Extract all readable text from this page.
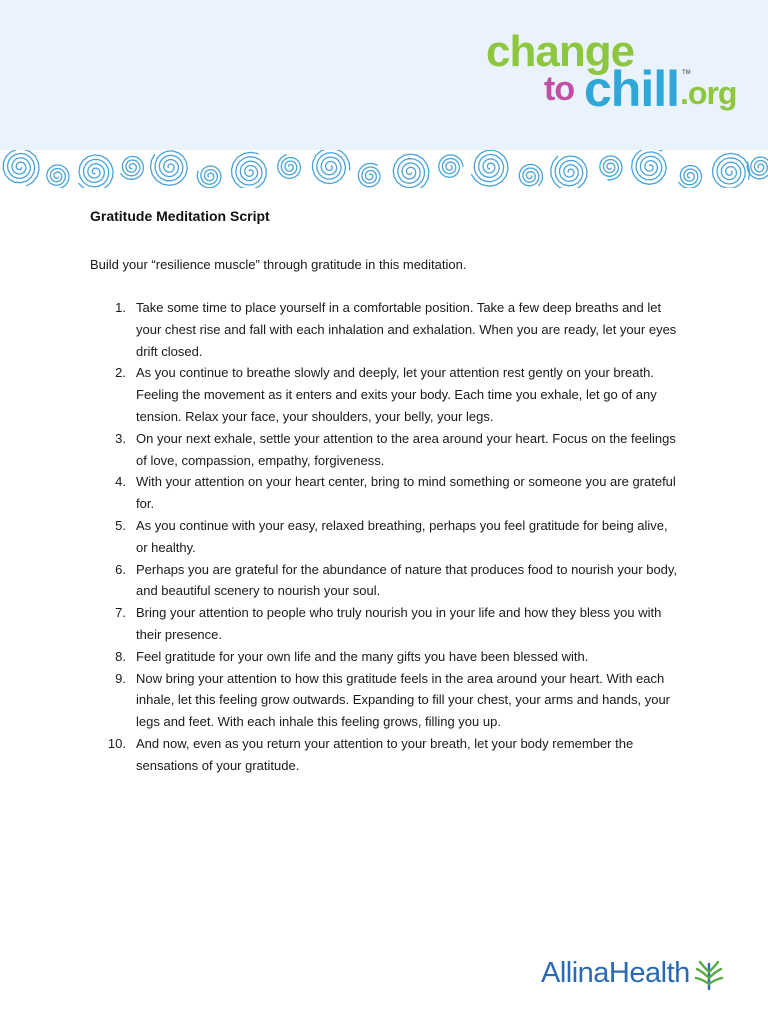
change
to chill TM
.org
Gratitude Meditation Script

Build your “resilience muscle” through gratitude in this meditation.

1. Take some time to place yourself in a comfortable position. Take a few deep breaths and let your chest rise and fall with each inhalation and exhalation. When you are ready, let your eyes drift closed.
2. As you continue to breathe slowly and deeply, let your attention rest gently on your breath. Feeling the movement as it enters and exits your body. Each time you exhale, let go of any tension. Relax your face, your shoulders, your belly, your legs.
3. On your next exhale, settle your attention to the area around your heart. Focus on the feelings of love, compassion, empathy, forgiveness.
4. With your attention on your heart center, bring to mind something or someone you are grateful for.
5. As you continue with your easy, relaxed breathing, perhaps you feel gratitude for being alive, or healthy.
6. Perhaps you are grateful for the abundance of nature that produces food to nourish your body, and beautiful scenery to nourish your soul.
7. Bring your attention to people who truly nourish you in your life and how they bless you with their presence.
8. Feel gratitude for your own life and the many gifts you have been blessed with.
9. Now bring your attention to how this gratitude feels in the area around your heart. With each inhale, let this feeling grow outwards. Expanding to fill your chest, your arms and hands, your legs and feet. With each inhale this feeling grows, filling you up.
10. And now, even as you return your attention to your breath, let your body remember the sensations of your gratitude.
AllinaHealth
